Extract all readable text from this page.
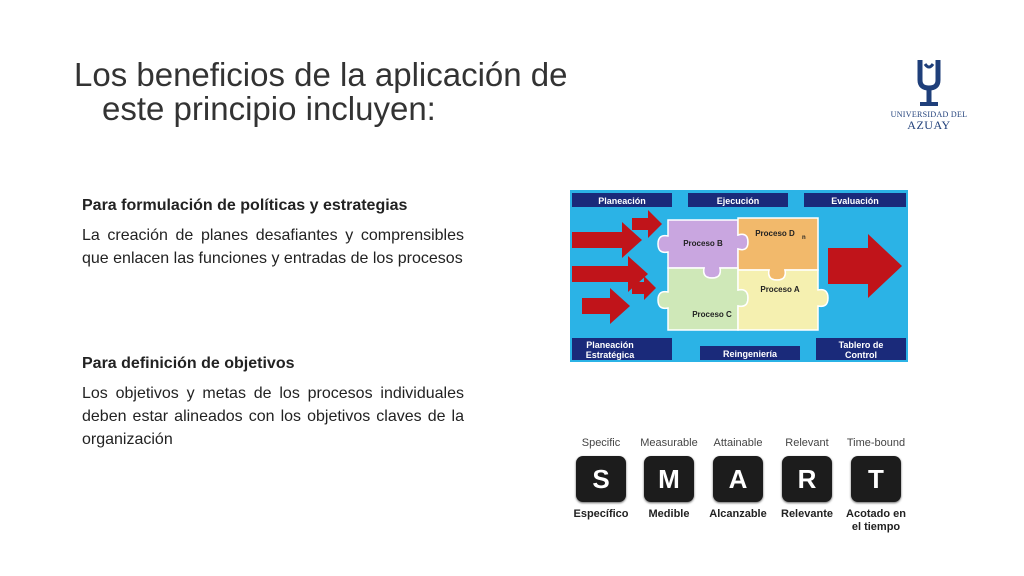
Los beneficios de la aplicación de
este principio incluyen:	UNIVERSIDAD DEL
AZUAY
Para formulación de políticas y estrategias
La creación de planes desafiantes y comprensibles que enlacen las funciones y entradas de los procesos
Para definición de objetivos
Los objetivos y metas de los procesos individuales deben estar alineados con los objetivos claves de la organización
Planeación	Ejecución	Evaluación
Planeación
Estratégica	Reingeniería
Tablero de
Control
Proceso B
Proceso D n
Proceso A
Proceso C
Specific
S
Específico
Measurable
M
Medible
Attainable
A
Alcanzable
Relevant
R
Relevante
Time-bound
T
Acotado en el tiempo
